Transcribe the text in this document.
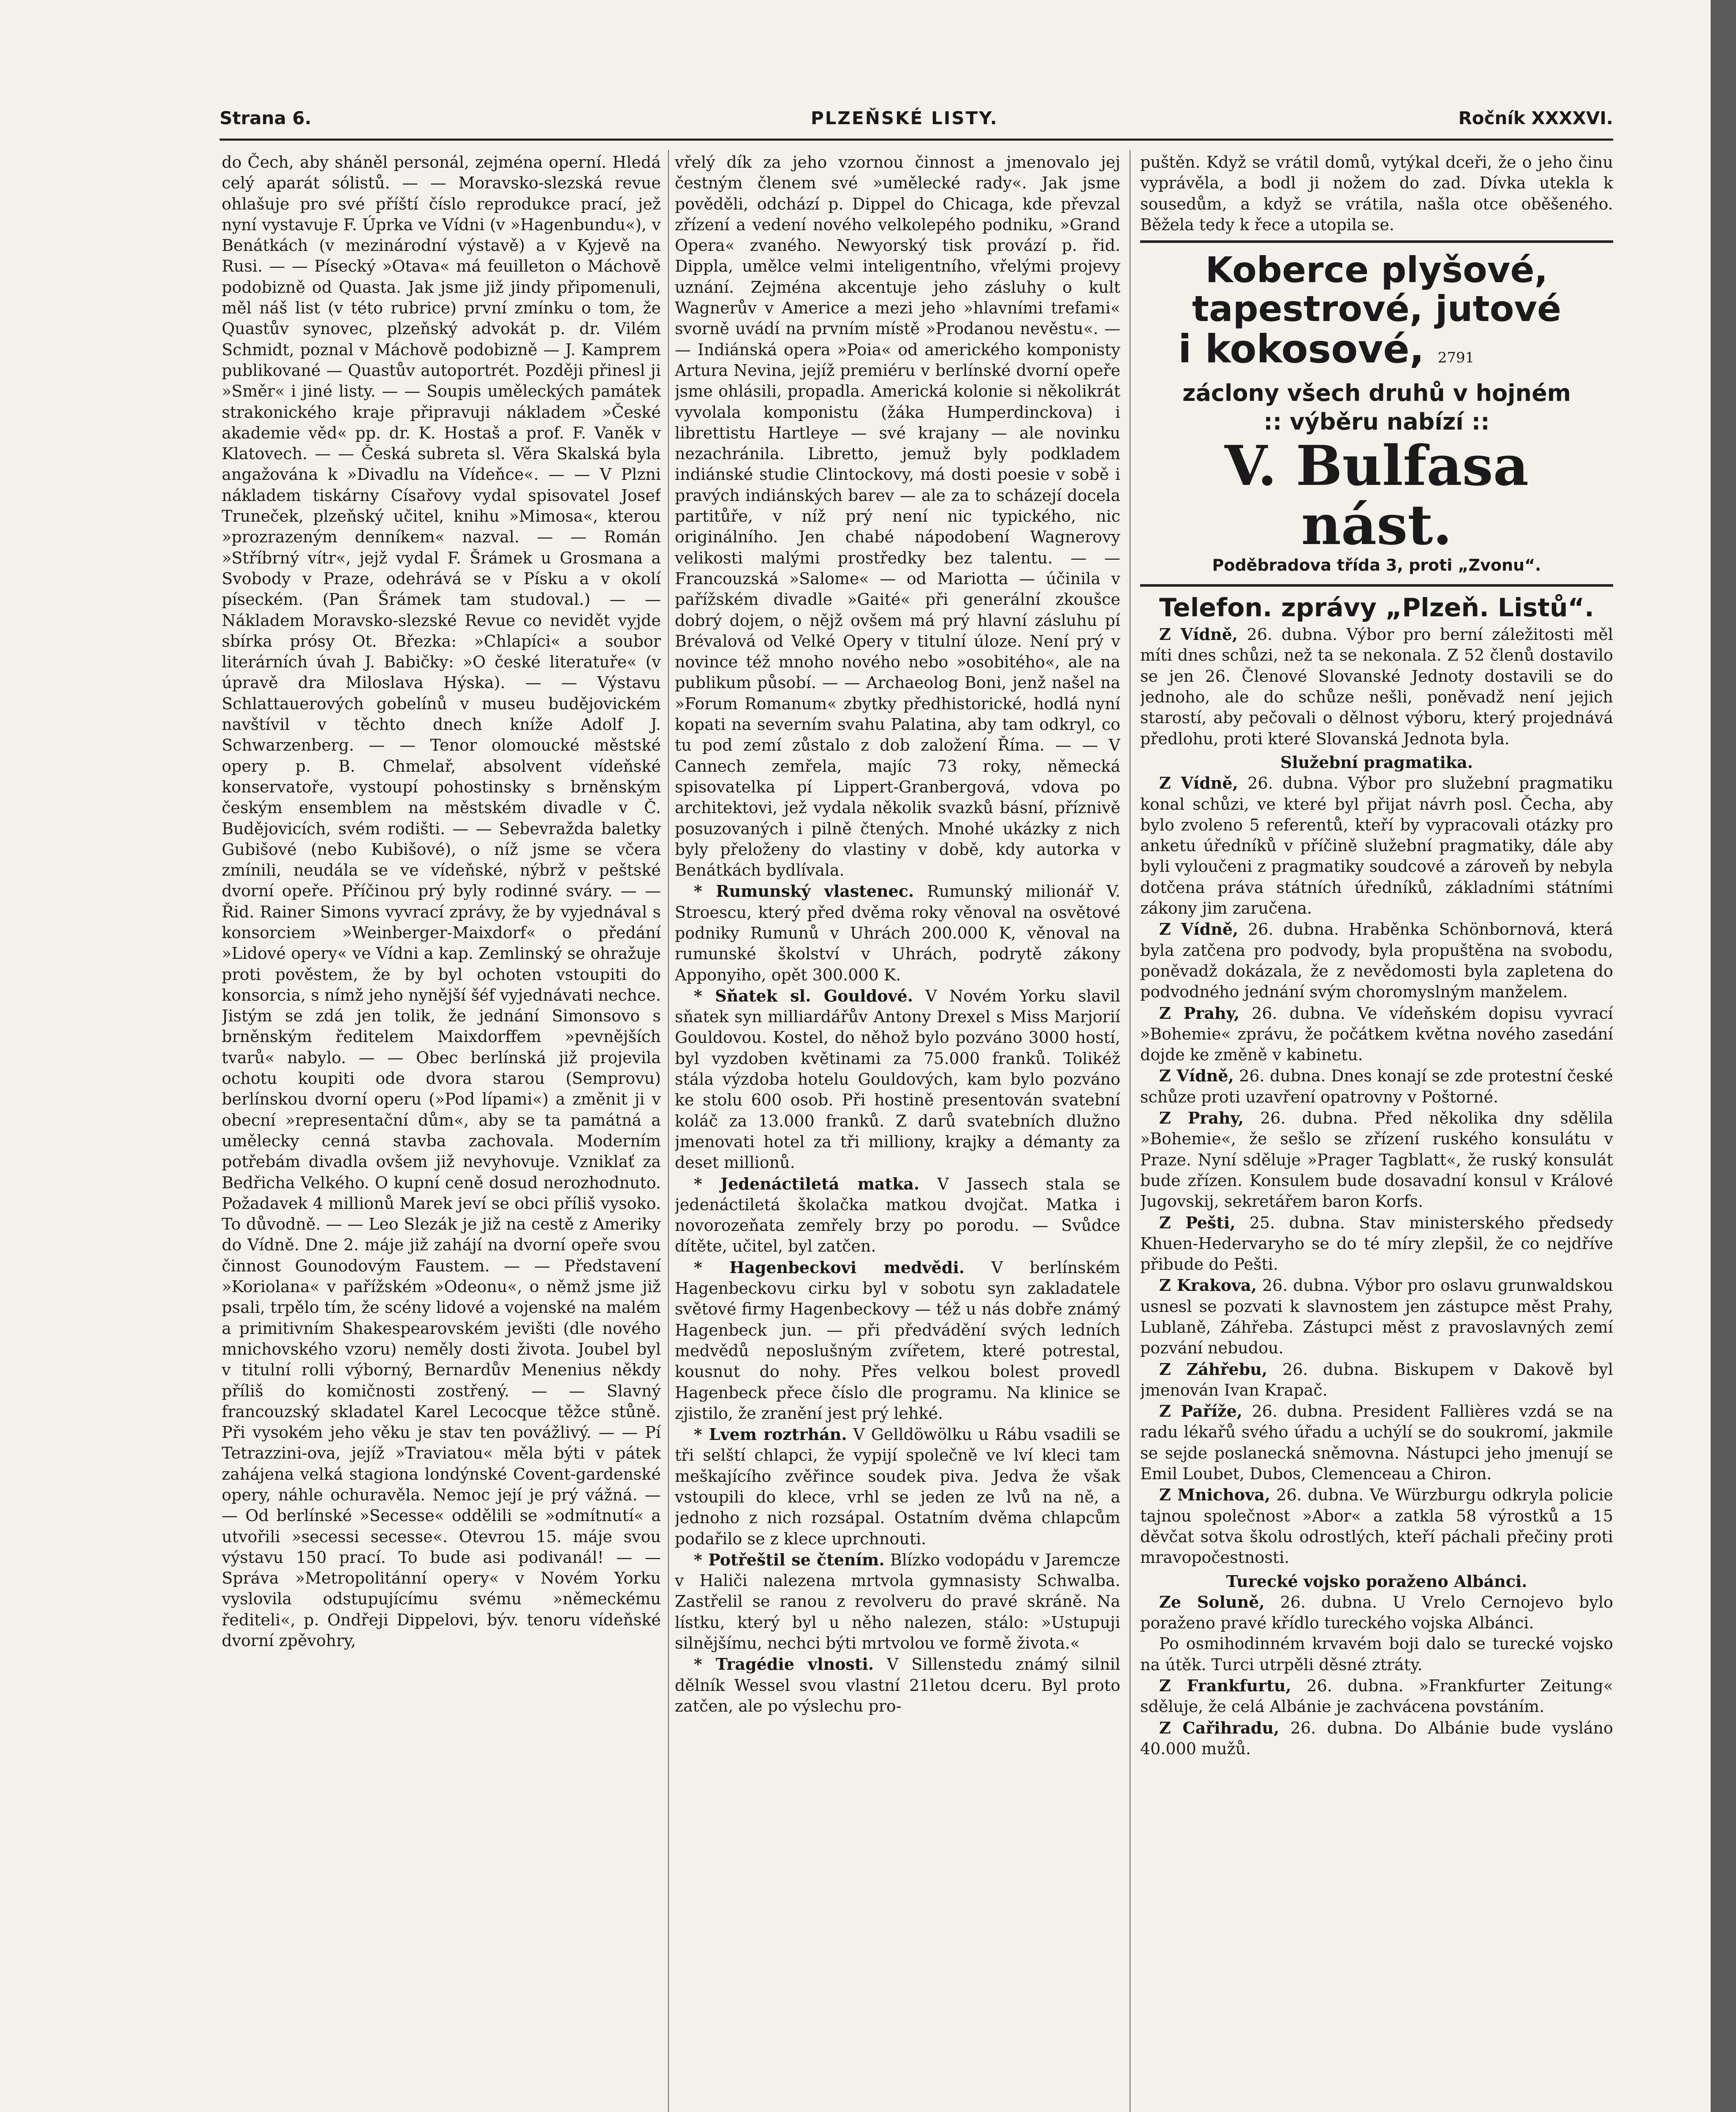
Strana 6.	PLZEŇSKÉ LISTY.	Ročník XXXXVI.

do Čech, aby sháněl personál, zejména operní. Hledá celý aparát sólistů. — — Moravsko-slezská revue ohlašuje pro své příští číslo reprodukce prací, jež nyní vystavuje F. Úprka ve Vídni (v »Hagenbundu«), v Benátkách (v mezinárodní výstavě) a v Kyjevě na Rusi. — — Písecký »Otava« má feuilleton o Máchově podobizně od Quasta. Jak jsme již jindy připomenuli, měl náš list (v této rubrice) první zmínku o tom, že Quastův synovec, plzeňský advokát p. dr. Vilém Schmidt, poznal v Máchově podobizně — J. Kamprem publikované — Quastův autoportrét. Později přinesl ji »Směr« i jiné listy. — — Soupis uměleckých památek strakonického kraje připravuji nákladem »České akademie věd« pp. dr. K. Hostaš a prof. F. Vaněk v Klatovech. — — Česká subreta sl. Věra Skalská byla angažována k »Divadlu na Vídeňce«. — — V Plzni nákladem tiskárny Císařovy vydal spisovatel Josef Truneček, plzeňský učitel, knihu »Mimosa«, kterou »prozrazeným denníkem« nazval. — — Román »Stříbrný vítr«, jejž vydal F. Šrámek u Grosmana a Svobody v Praze, odehrává se v Písku a v okolí píseckém. (Pan Šrámek tam studoval.) — — Nákladem Moravsko-slezské Revue co nevidět vyjde sbírka prósy Ot. Březka: »Chlapíci« a soubor literárních úvah J. Babičky: »O české literatuře« (v úpravě dra Miloslava Hýska). — — Výstavu Schlattauerových gobelínů v museu budějovickém navštívil v těchto dnech kníže Adolf J. Schwarzenberg. — — Tenor olomoucké městské opery p. B. Chmelař, absolvent vídeňské konservatoře, vystoupí pohostinsky s brněnským českým ensemblem na městském divadle v Č. Budějovicích, svém rodišti. — — Sebevražda baletky Gubišové (nebo Kubišové), o níž jsme se včera zmínili, neudála se ve vídeňské, nýbrž v peštské dvorní opeře. Příčinou prý byly rodinné sváry. — — Řid. Rainer Simons vyvrací zprávy, že by vyjednával s konsorciem »Weinberger-Maixdorf« o předání »Lidové opery« ve Vídni a kap. Zemlinský se ohražuje proti pověstem, že by byl ochoten vstoupiti do konsorcia, s nímž jeho nynější šéf vyjednávati nechce. Jistým se zdá jen tolik, že jednání Simonsovo s brněnským ředitelem Maixdorffem »pevnějších tvarů« nabylo. — — Obec berlínská již projevila ochotu koupiti ode dvora starou (Semprovu) berlínskou dvorní operu (»Pod lípami«) a změnit ji v obecní »representační dům«, aby se ta památná a umělecky cenná stavba zachovala. Moderním potřebám divadla ovšem již nevyhovuje. Vzniklať za Bedřicha Velkého. O kupní ceně dosud nerozhodnuto. Požadavek 4 millionů Marek jeví se obci příliš vysoko. To důvodně. — — Leo Slezák je již na cestě z Ameriky do Vídně. Dne 2. máje již zahájí na dvorní opeře svou činnost Gounodovým Faustem. — — Představení »Koriolana« v pařížském »Odeonu«, o němž jsme již psali, trpělo tím, že scény lidové a vojenské na malém a primitivním Shakespearovském jevišti (dle nového mnichovského vzoru) neměly dosti života. Joubel byl v titulní rolli výborný, Bernardův Menenius někdy příliš do komičnosti zostřený. — — Slavný francouzský skladatel Karel Lecocque těžce stůně. Při vysokém jeho věku je stav ten povážlivý. — — Pí Tetrazzini-ova, jejíž »Traviatou« měla býti v pátek zahájena velká stagiona londýnské Covent-gardenské opery, náhle ochuravěla. Nemoc její je prý vážná. — — Od berlínské »Secesse« oddělili se »odmítnutí« a utvořili »secessi secesse«. Otevrou 15. máje svou výstavu 150 prací. To bude asi podivanál! — — Správa »Metropolitánní opery« v Novém Yorku vyslovila odstupujícímu svému »německému řediteli«, p. Ondřeji Dippelovi, býv. tenoru vídeňské dvorní zpěvohry,

vřelý dík za jeho vzornou činnost a jmenovalo jej čestným členem své »umělecké rady«. Jak jsme pověděli, odchází p. Dippel do Chicaga, kde převzal zřízení a vedení nového velkolepého podniku, »Grand Opera« zvaného. Newyorský tisk provází p. řid. Dippla, umělce velmi inteligentního, vřelými projevy uznání. Zejména akcentuje jeho zásluhy o kult Wagnerův v Americe a mezi jeho »hlavními trefami« svorně uvádí na prvním místě »Prodanou nevěstu«. — — Indiánská opera »Poia« od amerického komponisty Artura Nevina, jejíž premiéru v berlínské dvorní opeře jsme ohlásili, propadla. Americká kolonie si několikrát vyvolala komponistu (žáka Humperdinckova) i librettistu Hartleye — své krajany — ale novinku nezachránila. Libretto, jemuž byly podkladem indiánské studie Clintockovy, má dosti poesie v sobě i pravých indiánských barev — ale za to scházejí docela partitůře, v níž prý není nic typického, nic originálního. Jen chabé nápodobení Wagnerovy velikosti malými prostředky bez talentu. — — Francouzská »Salome« — od Mariotta — účinila v pařížském divadle »Gaité« při generální zkoušce dobrý dojem, o nějž ovšem má prý hlavní zásluhu pí Brévalová od Velké Opery v titulní úloze. Není prý v novince též mnoho nového nebo »osobitého«, ale na publikum působí. — — Archaeolog Boni, jenž našel na »Forum Romanum« zbytky předhistorické, hodlá nyní kopati na severním svahu Palatina, aby tam odkryl, co tu pod zemí zůstalo z dob založení Říma. — — V Cannech zemřela, majíc 73 roky, německá spisovatelka pí Lippert-Granbergová, vdova po architektovi, jež vydala několik svazků básní, příznivě posuzovaných i pilně čtených. Mnohé ukázky z nich byly přeloženy do vlastiny v době, kdy autorka v Benátkách bydlívala.

* Rumunský vlastenec. Rumunský milionář V. Stroescu, který před dvěma roky věnoval na osvětové podniky Rumunů v Uhrách 200.000 K, věnoval na rumunské školství v Uhrách, podrytě zákony Apponyiho, opět 300.000 K.

* Sňatek sl. Gouldové. V Novém Yorku slavil sňatek syn milliardářův Antony Drexel s Miss Marjorií Gouldovou. Kostel, do něhož bylo pozváno 3000 hostí, byl vyzdoben květinami za 75.000 franků. Tolikéž stála výzdoba hotelu Gouldových, kam bylo pozváno ke stolu 600 osob. Při hostině presentován svatební koláč za 13.000 franků. Z darů svatebních dlužno jmenovati hotel za tři milliony, krajky a démanty za deset millionů.

* Jedenáctiletá matka. V Jassech stala se jedenáctiletá školačka matkou dvojčat. Matka i novorozeňata zemřely brzy po porodu. — Svůdce dítěte, učitel, byl zatčen.

* Hagenbeckovi medvědi. V berlínském Hagenbeckovu cirku byl v sobotu syn zakladatele světové firmy Hagenbeckovy — též u nás dobře známý Hagenbeck jun. — při předvádění svých ledních medvědů neposlušným zvířetem, které potrestal, kousnut do nohy. Přes velkou bolest provedl Hagenbeck přece číslo dle programu. Na klinice se zjistilo, že zranění jest prý lehké.

* Lvem roztrhán. V Gelldöwölku u Rábu vsadili se tři selští chlapci, že vypijí společně ve lví kleci tam meškajícího zvěřince soudek piva. Jedva že však vstoupili do klece, vrhl se jeden ze lvů na ně, a jednoho z nich rozsápal. Ostatním dvěma chlapcům podařilo se z klece uprchnouti.

* Potřeštil se čtením. Blízko vodopádu v Jaremcze v Haliči nalezena mrtvola gymnasisty Schwalba. Zastřelil se ranou z revolveru do pravé skráně. Na lístku, který byl u něho nalezen, stálo: »Ustupuji silnějšímu, nechci býti mrtvolou ve formě života.«

* Tragédie vlnosti. V Sillenstedu známý silnil dělník Wessel svou vlastní 21letou dceru. Byl proto zatčen, ale po výslechu pro-

puštěn. Když se vrátil domů, vytýkal dceři, že o jeho činu vyprávěla, a bodl ji nožem do zad. Dívka utekla k sousedům, a když se vrátila, našla otce oběšeného. Běžela tedy k řece a utopila se.

Koberce plyšové,
tapestrové, jutové
i kokosové, 2791
záclony všech druhů v hojném
:: výběru nabízí ::
V. Bulfasa nást.
Poděbradova třída 3, proti „Zvonu“.
Telefon. zprávy „Plzeň. Listů“.

Z Vídně, 26. dubna. Výbor pro berní záležitosti měl míti dnes schůzi, než ta se nekonala. Z 52 členů dostavilo se jen 26. Členové Slovanské Jednoty dostavili se do jednoho, ale do schůze nešli, poněvadž není jejich starostí, aby pečovali o dělnost výboru, který projednává předlohu, proti které Slovanská Jednota byla.

Služební pragmatika.

Z Vídně, 26. dubna. Výbor pro služební pragmatiku konal schůzi, ve které byl přijat návrh posl. Čecha, aby bylo zvoleno 5 referentů, kteří by vypracovali otázky pro anketu úředníků v příčině služební pragmatiky, dále aby byli vyloučeni z pragmatiky soudcové a zároveň by nebyla dotčena práva státních úředníků, základními státními zákony jim zaručena.

Z Vídně, 26. dubna. Hraběnka Schönbornová, která byla zatčena pro podvody, byla propuštěna na svobodu, poněvadž dokázala, že z nevědomosti byla zapletena do podvodného jednání svým choromyslným manželem.

Z Prahy, 26. dubna. Ve vídeňském dopisu vyvrací »Bohemie« zprávu, že počátkem května nového zasedání dojde ke změně v kabinetu.

Z Vídně, 26. dubna. Dnes konají se zde protestní české schůze proti uzavření opatrovny v Poštorné.

Z Prahy, 26. dubna. Před několika dny sdělila »Bohemie«, že sešlo se zřízení ruského konsulátu v Praze. Nyní sděluje »Prager Tagblatt«, že ruský konsulát bude zřízen. Konsulem bude dosavadní konsul v Králové Jugovskij, sekretářem baron Korfs.

Z Pešti, 25. dubna. Stav ministerského předsedy Khuen-Hedervaryho se do té míry zlepšil, že co nejdříve přibude do Pešti.

Z Krakova, 26. dubna. Výbor pro oslavu grunwaldskou usnesl se pozvati k slavnostem jen zástupce měst Prahy, Lublaně, Záhřeba. Zástupci měst z pravoslavných zemí pozvání nebudou.

Z Záhřebu, 26. dubna. Biskupem v Dakově byl jmenován Ivan Krapač.

Z Paříže, 26. dubna. President Fallières vzdá se na radu lékařů svého úřadu a uchýlí se do soukromí, jakmile se sejde poslanecká sněmovna. Nástupci jeho jmenují se Emil Loubet, Dubos, Clemenceau a Chiron.

Z Mnichova, 26. dubna. Ve Würzburgu odkryla policie tajnou společnost »Abor« a zatkla 58 výrostků a 15 děvčat sotva školu odrostlých, kteří páchali přečiny proti mravopočestnosti.

Turecké vojsko poraženo Albánci.

Ze Soluně, 26. dubna. U Vrelo Cernojevo bylo poraženo pravé křídlo tureckého vojska Albánci.

Po osmihodinném krvavém boji dalo se turecké vojsko na útěk. Turci utrpěli děsné ztráty.

Z Frankfurtu, 26. dubna. »Frankfurter Zeitung« sděluje, že celá Albánie je zachvácena povstáním.

Z Cařihradu, 26. dubna. Do Albánie bude vysláno 40.000 mužů.
